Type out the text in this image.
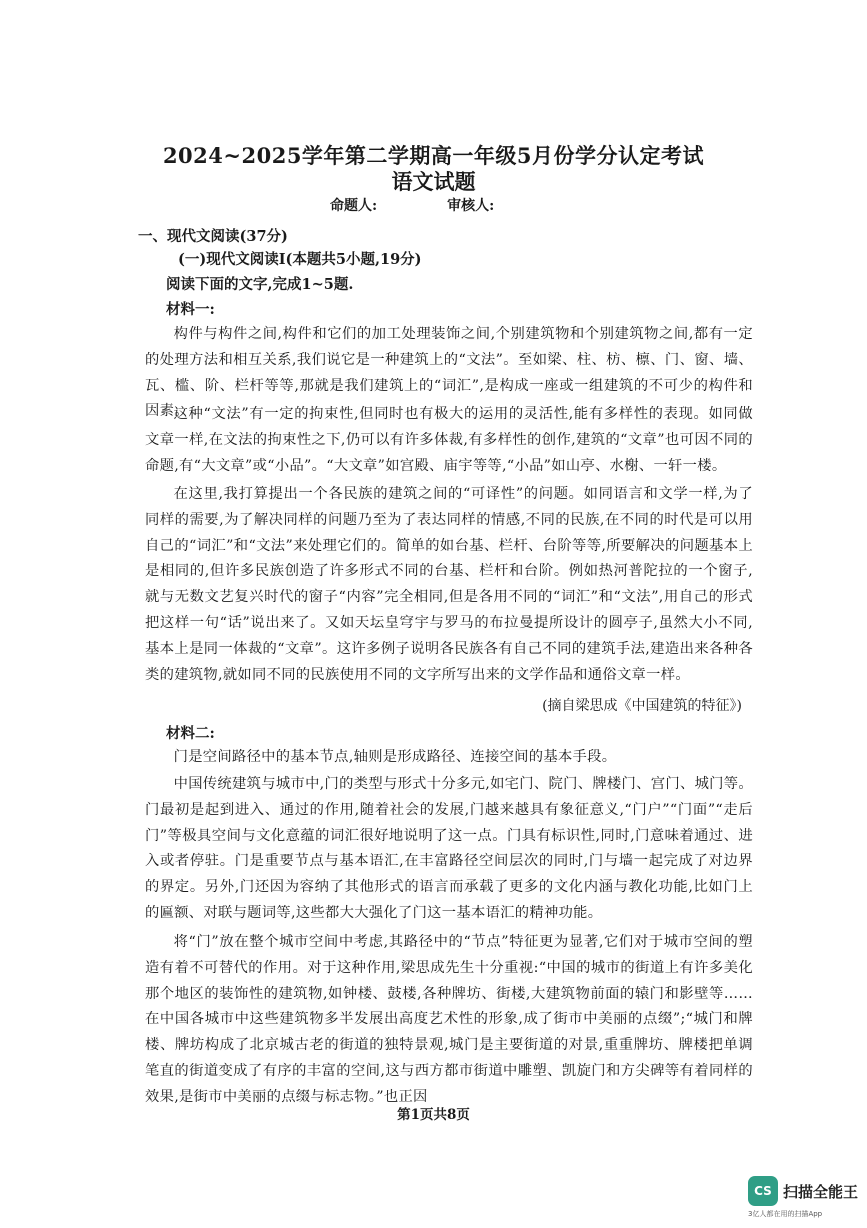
2024~2025学年第二学期高一年级5月份学分认定考试
语文试题
命题人:	审核人:
一、现代文阅读(37分)
(一)现代文阅读Ⅰ(本题共5小题,19分)
阅读下面的文字,完成1~5题.
材料一:
构件与构件之间,构件和它们的加工处理装饰之间,个别建筑物和个别建筑物之间,都有一定的处理方法和相互关系,我们说它是一种建筑上的“文法”。至如梁、柱、枋、檩、门、窗、墙、瓦、槛、阶、栏杆等等,那就是我们建筑上的“词汇”,是构成一座或一组建筑的不可少的构件和因素。
这种“文法”有一定的拘束性,但同时也有极大的运用的灵活性,能有多样性的表现。如同做文章一样,在文法的拘束性之下,仍可以有许多体裁,有多样性的创作,建筑的“文章”也可因不同的命题,有“大文章”或“小品”。“大文章”如宫殿、庙宇等等,“小品”如山亭、水榭、一轩一楼。
在这里,我打算提出一个各民族的建筑之间的“可译性”的问题。如同语言和文学一样,为了同样的需要,为了解决同样的问题乃至为了表达同样的情感,不同的民族,在不同的时代是可以用自己的“词汇”和“文法”来处理它们的。简单的如台基、栏杆、台阶等等,所要解决的问题基本上是相同的,但许多民族创造了许多形式不同的台基、栏杆和台阶。例如热河普陀拉的一个窗子,就与无数文艺复兴时代的窗子“内容”完全相同,但是各用不同的“词汇”和“文法”,用自己的形式把这样一句“话”说出来了。又如天坛皇穹宇与罗马的布拉曼提所设计的圆亭子,虽然大小不同,基本上是同一体裁的“文章”。这许多例子说明各民族各有自己不同的建筑手法,建造出来各种各类的建筑物,就如同不同的民族使用不同的文字所写出来的文学作品和通俗文章一样。
(摘自梁思成《中国建筑的特征》)
材料二:
门是空间路径中的基本节点,轴则是形成路径、连接空间的基本手段。
中国传统建筑与城市中,门的类型与形式十分多元,如宅门、院门、牌楼门、宫门、城门等。门最初是起到进入、通过的作用,随着社会的发展,门越来越具有象征意义,“门户”“门面”“走后门”等极具空间与文化意蕴的词汇很好地说明了这一点。门具有标识性,同时,门意味着通过、进入或者停驻。门是重要节点与基本语汇,在丰富路径空间层次的同时,门与墙一起完成了对边界的界定。另外,门还因为容纳了其他形式的语言而承载了更多的文化内涵与教化功能,比如门上的匾额、对联与题词等,这些都大大强化了门这一基本语汇的精神功能。
将“门”放在整个城市空间中考虑,其路径中的“节点”特征更为显著,它们对于城市空间的塑造有着不可替代的作用。对于这种作用,梁思成先生十分重视:“中国的城市的街道上有许多美化那个地区的装饰性的建筑物,如钟楼、鼓楼,各种牌坊、街楼,大建筑物前面的辕门和影壁等……在中国各城市中这些建筑物多半发展出高度艺术性的形象,成了街市中美丽的点缀”;“城门和牌楼、牌坊构成了北京城古老的街道的独特景观,城门是主要街道的对景,重重牌坊、牌楼把单调笔直的街道变成了有序的丰富的空间,这与西方都市街道中雕塑、凯旋门和方尖碑等有着同样的效果,是街市中美丽的点缀与标志物。”也正因
第1页共8页
CS 扫描全能王
3亿人都在用的扫描App
